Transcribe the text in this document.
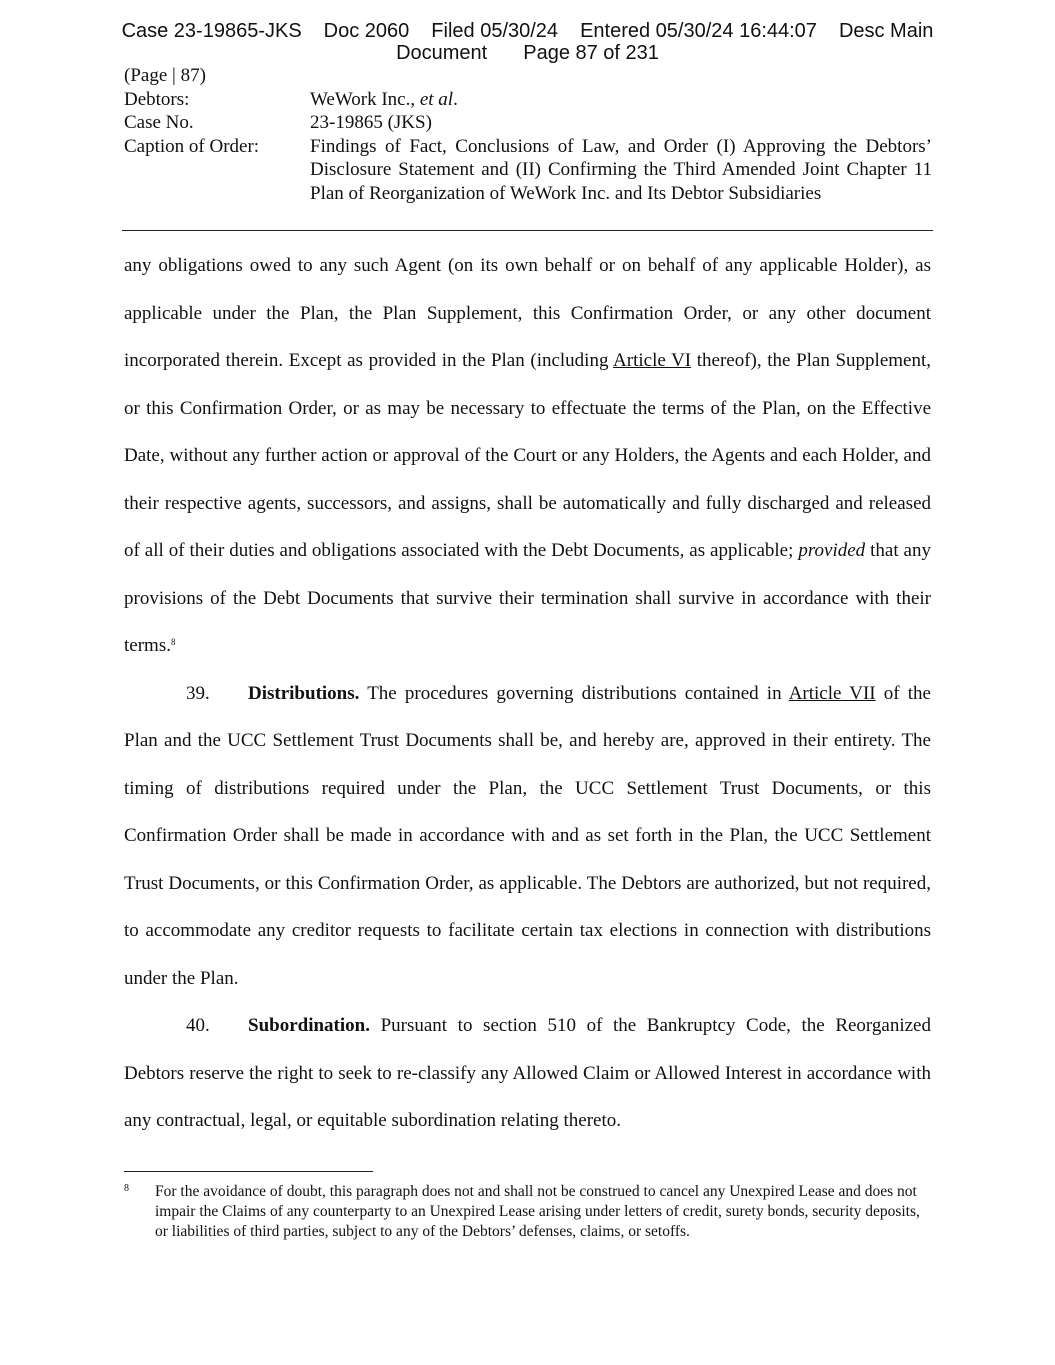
Case 23-19865-JKS Doc 2060 Filed 05/30/24 Entered 05/30/24 16:44:07 Desc Main
Document Page 87 of 231
(Page | 87)
Debtors:	WeWork Inc., et al.
Case No.	23-19865 (JKS)
Caption of Order:	Findings of Fact, Conclusions of Law, and Order (I) Approving the Debtors’ Disclosure Statement and (II) Confirming the Third Amended Joint Chapter 11 Plan of Reorganization of WeWork Inc. and Its Debtor Subsidiaries

any obligations owed to any such Agent (on its own behalf or on behalf of any applicable Holder), as applicable under the Plan, the Plan Supplement, this Confirmation Order, or any other document incorporated therein. Except as provided in the Plan (including Article VI thereof), the Plan Supplement, or this Confirmation Order, or as may be necessary to effectuate the terms of the Plan, on the Effective Date, without any further action or approval of the Court or any Holders, the Agents and each Holder, and their respective agents, successors, and assigns, shall be automatically and fully discharged and released of all of their duties and obligations associated with the Debt Documents, as applicable; provided that any provisions of the Debt Documents that survive their termination shall survive in accordance with their terms.$^8$

39. Distributions. The procedures governing distributions contained in Article VII of the Plan and the UCC Settlement Trust Documents shall be, and hereby are, approved in their entirety. The timing of distributions required under the Plan, the UCC Settlement Trust Documents, or this Confirmation Order shall be made in accordance with and as set forth in the Plan, the UCC Settlement Trust Documents, or this Confirmation Order, as applicable. The Debtors are authorized, but not required, to accommodate any creditor requests to facilitate certain tax elections in connection with distributions under the Plan.

40. Subordination. Pursuant to section 510 of the Bankruptcy Code, the Reorganized Debtors reserve the right to seek to re-classify any Allowed Claim or Allowed Interest in accordance with any contractual, legal, or equitable subordination relating thereto.

8	For the avoidance of doubt, this paragraph does not and shall not be construed to cancel any Unexpired Lease and does not impair the Claims of any counterparty to an Unexpired Lease arising under letters of credit, surety bonds, security deposits, or liabilities of third parties, subject to any of the Debtors’ defenses, claims, or setoffs.
